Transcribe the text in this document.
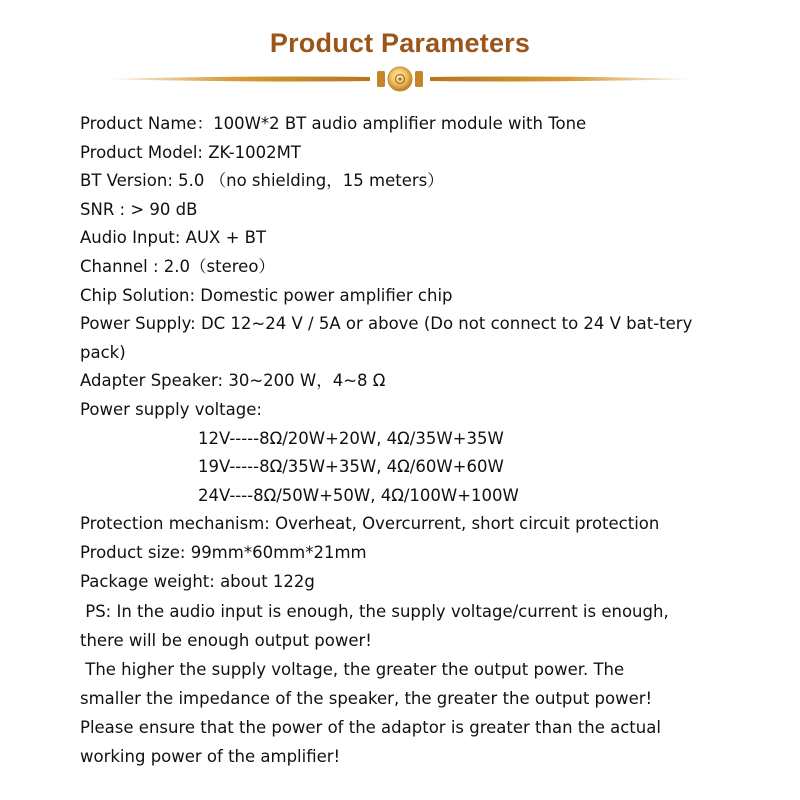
Product Parameters
Product Name：100W*2 BT audio amplifier module with Tone
Product Model: ZK-1002MT
BT Version: 5.0 （no shielding，15 meters）
SNR : > 90 dB
Audio Input: AUX + BT
Channel : 2.0（stereo）
Chip Solution: Domestic power amplifier chip
Power Supply: DC 12~24 V / 5A or above (Do not connect to 24 V bat-tery pack)
Adapter Speaker: 30~200 W，4~8 Ω
Power supply voltage:
12V-----8Ω/20W+20W, 4Ω/35W+35W
19V-----8Ω/35W+35W, 4Ω/60W+60W
24V----8Ω/50W+50W, 4Ω/100W+100W
Protection mechanism: Overheat, Overcurrent, short circuit protection
Product size: 99mm*60mm*21mm
Package weight: about 122g
PS: In the audio input is enough, the supply voltage/current is enough,
there will be enough output power!
The higher the supply voltage, the greater the output power. The
smaller the impedance of the speaker, the greater the output power!
Please ensure that the power of the adaptor is greater than the actual
working power of the amplifier!
